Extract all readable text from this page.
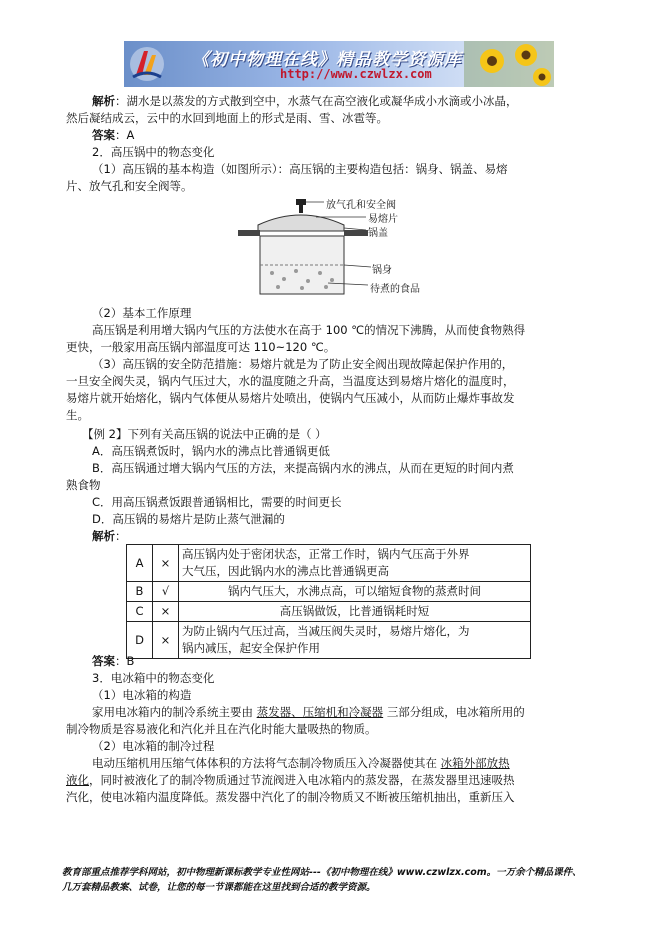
《初中物理在线》精品教学资源库
http://www.czwlzx.com

解析：湖水是以蒸发的方式散到空中，水蒸气在高空液化或凝华成小水滴或小冰晶，

然后凝结成云，云中的水回到地面上的形式是雨、雪、冰雹等。

答案：A

2．高压锅中的物态变化

（1）高压锅的基本构造（如图所示）：高压锅的主要构造包括：锅身、锅盖、易熔

片、放气孔和安全阀等。

放气孔和安全阀
易熔片
锅盖
锅身
待煮的食品

（2）基本工作原理

高压锅是利用增大锅内气压的方法使水在高于 100 ℃的情况下沸腾，从而使食物熟得

更快，一般家用高压锅内部温度可达 110~120 ℃。

（3）高压锅的安全防范措施：易熔片就是为了防止安全阀出现故障起保护作用的，

一旦安全阀失灵，锅内气压过大，水的温度随之升高，当温度达到易熔片熔化的温度时，

易熔片就开始熔化，锅内气体便从易熔片处喷出，使锅内气压减小，从而防止爆炸事故发

生。

【例 2】下列有关高压锅的说法中正确的是（ ）

A．高压锅煮饭时，锅内水的沸点比普通锅更低

B．高压锅通过增大锅内气压的方法，来提高锅内水的沸点，从而在更短的时间内煮

熟食物

C．用高压锅煮饭跟普通锅相比，需要的时间更长

D．高压锅的易熔片是防止蒸气泄漏的

解析：

A	×	高压锅内处于密闭状态，正常工作时，锅内气压高于外界
大气压，因此锅内水的沸点比普通锅更高

B	√	锅内气压大，水沸点高，可以缩短食物的蒸煮时间
C	×	高压锅做饭，比普通锅耗时短
D	×	为防止锅内气压过高，当减压阀失灵时，易熔片熔化，为
锅内减压，起安全保护作用

答案：B

3．电冰箱中的物态变化

（1）电冰箱的构造

家用电冰箱内的制冷系统主要由 蒸发器、压缩机和冷凝器 三部分组成，电冰箱所用的

制冷物质是容易液化和汽化并且在汽化时能大量吸热的物质。

（2）电冰箱的制冷过程

电动压缩机用压缩气体体积的方法将气态制冷物质压入冷凝器使其在 冰箱外部放热

液化，同时被液化了的制冷物质通过节流阀进入电冰箱内的蒸发器，在蒸发器里迅速吸热

汽化，使电冰箱内温度降低。蒸发器中汽化了的制冷物质又不断被压缩机抽出，重新压入

教育部重点推荐学科网站，初中物理新课标教学专业性网站---《初中物理在线》www.czwlzx.com。一万余个精品课件、
几万套精品教案、试卷，让您的每一节课都能在这里找到合适的教学资源。
